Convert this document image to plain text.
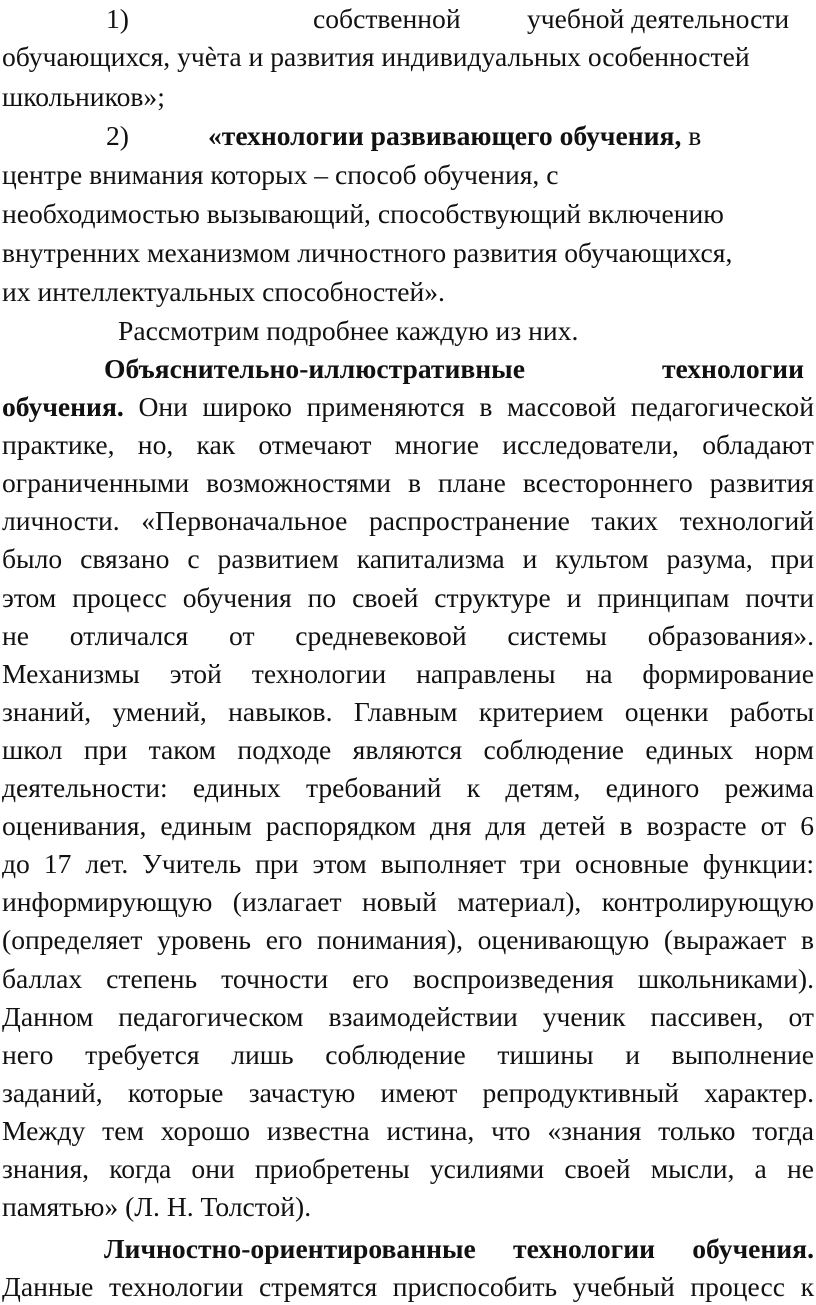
1)	собственной учебной деятельности
обучающихся, учѐта и развития индивидуальных особенностей
школьников»;
2)	«технологии развивающего обучения, в
центре внимания которых – способ обучения, с
необходимостью вызывающий, способствующий включению
внутренних механизмом личностного развития обучающихся,
их интеллектуальных способностей».
Рассмотрим подробнее каждую из них.
Объяснительно-иллюстративные	технологии
обучения. Они широко применяются в массовой педагогической
практике, но, как отмечают многие исследователи, обладают
ограниченными возможностями в плане всестороннего развития
личности. «Первоначальное распространение таких технологий
было связано с развитием капитализма и культом разума, при
этом процесс обучения по своей структуре и принципам почти
не отличался от средневековой системы образования».
Механизмы этой технологии направлены на формирование
знаний, умений, навыков. Главным критерием оценки работы
школ при таком подходе являются соблюдение единых норм
деятельности: единых требований к детям, единого режима
оценивания, единым распорядком дня для детей в возрасте от 6
до 17 лет. Учитель при этом выполняет три основные функции:
информирующую (излагает новый материал), контролирующую
(определяет уровень его понимания), оценивающую (выражает в
баллах степень точности его воспроизведения школьниками).
Данном педагогическом взаимодействии ученик пассивен, от
него требуется лишь соблюдение тишины и выполнение
заданий, которые зачастую имеют репродуктивный характер.
Между тем хорошо известна истина, что «знания только тогда
знания, когда они приобретены усилиями своей мысли, а не
памятью» (Л. Н. Толстой).
Личностно-ориентированные технологии обучения.
Данные технологии стремятся приспособить учебный процесс к
